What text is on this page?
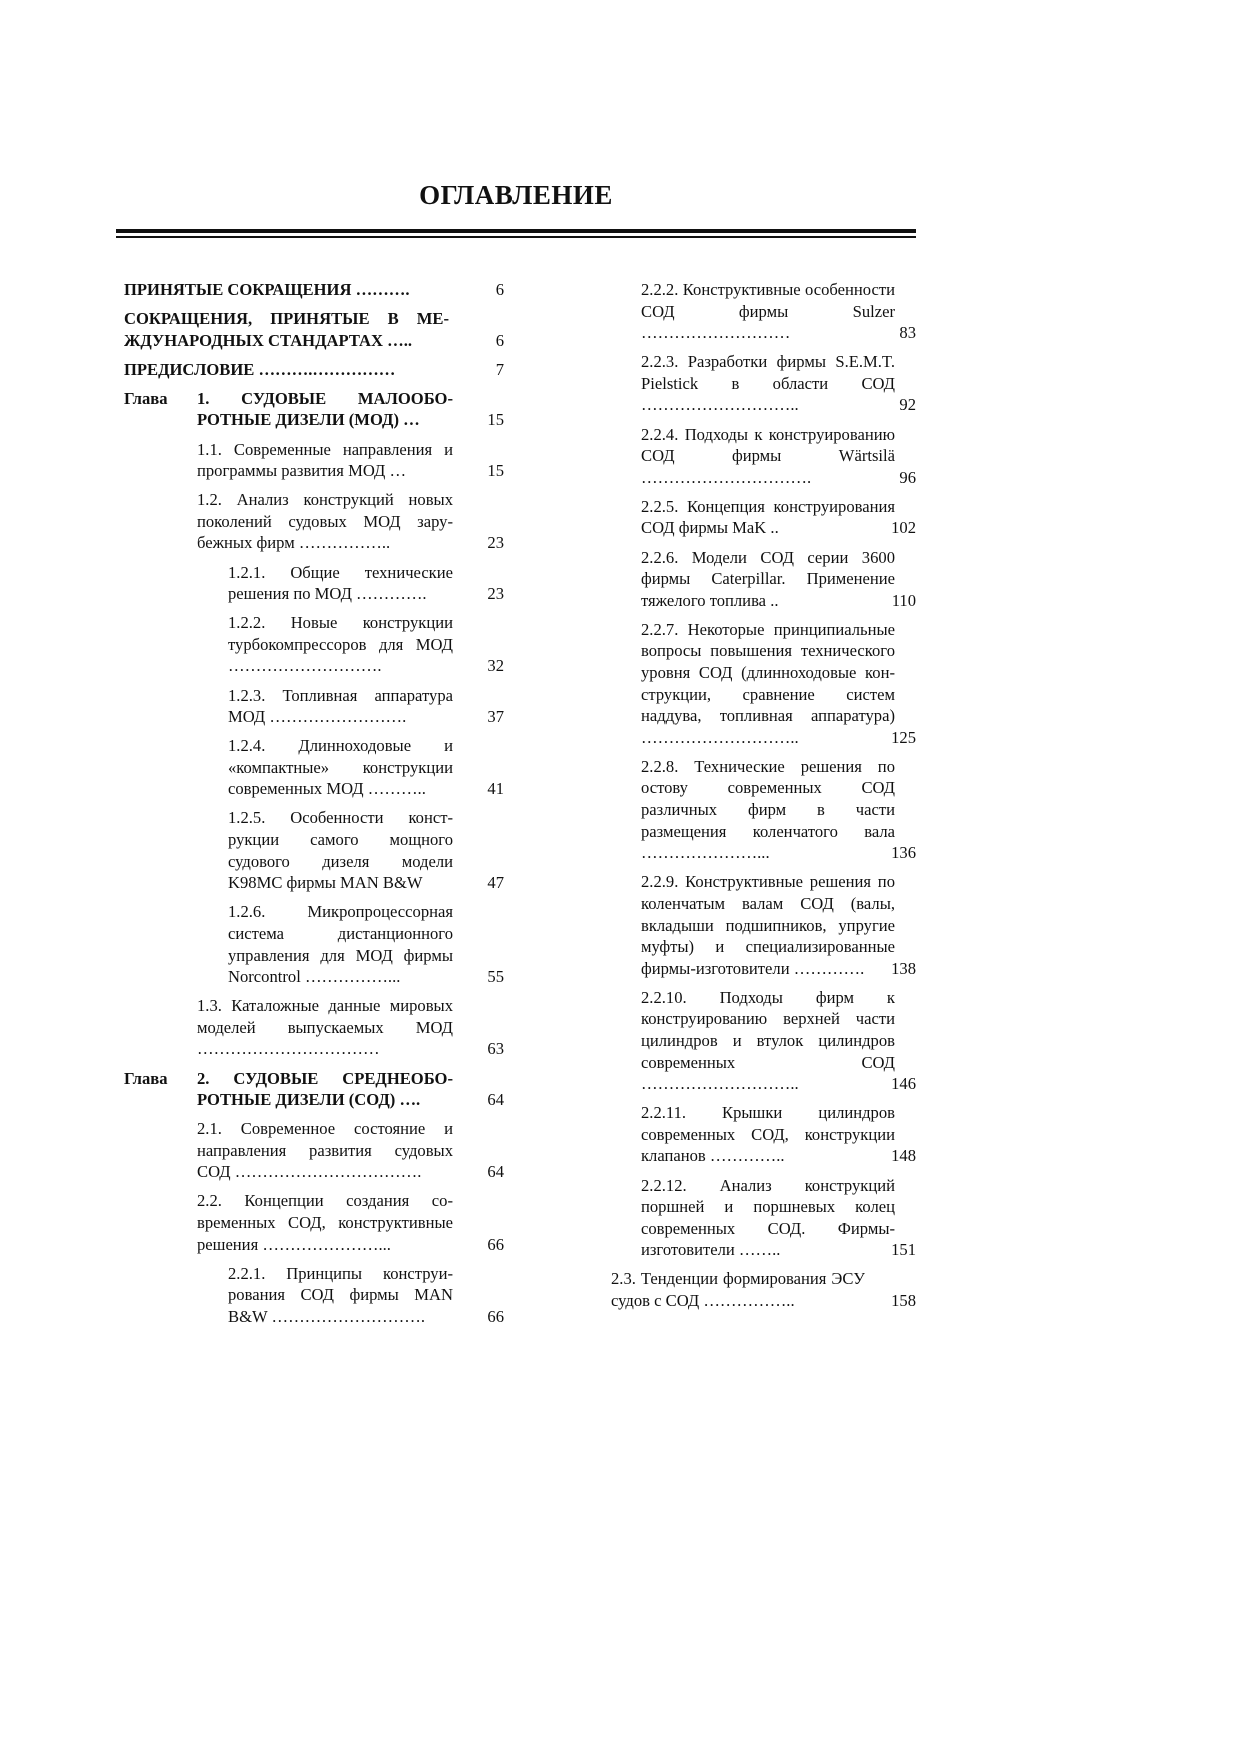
ОГЛАВЛЕНИЕ
ПРИНЯТЫЕ СОКРАЩЕНИЯ ……….	6
СОКРАЩЕНИЯ, ПРИНЯТЫЕ В МЕЖДУНАРОДНЫХ СТАНДАРТАХ …..	6
ПРЕДИСЛОВИЕ ……….……………	7
Глава 1. СУДОВЫЕ МАЛООБОРОТНЫЕ ДИЗЕЛИ (МОД) …	15
1.1. Современные направления и программы развития МОД …	15
1.2. Анализ конструкций новых поколений судовых МОД зарубежных фирм ……………..	23
1.2.1. Общие технические решения по МОД ………….	23
1.2.2. Новые конструкции турбокомпрессоров для МОД ……………………….	32
1.2.3. Топливная аппаратура МОД …………………….	37
1.2.4. Длинноходовые и «компактные» конструкции современных МОД ………..	41
1.2.5. Особенности конструкции самого мощного судового дизеля модели K98MC фирмы MAN B&W	47
1.2.6. Микропроцессорная система дистанционного управления для МОД фирмы Norcontrol ……………...	55
1.3. Каталожные данные мировых моделей выпускаемых МОД ……………………………	63
Глава 2. СУДОВЫЕ СРЕДНЕОБОРОТНЫЕ ДИЗЕЛИ (СОД) ….	64
2.1. Современное состояние и направления развития судовых СОД …………………………….	64
2.2. Концепции создания современных СОД, конструктивные решения …………………...	66
2.2.1. Принципы конструирования СОД фирмы MAN B&W ……………………….	66
2.2.2. Конструктивные особенности СОД фирмы Sulzer ………………………	83
2.2.3. Разработки фирмы S.E.M.T. Pielstick в области СОД ………………………..	92
2.2.4. Подходы к конструированию СОД фирмы Wärtsilä ………………………….	96
2.2.5. Концепция конструирования СОД фирмы MaK ..	102
2.2.6. Модели СОД серии 3600 фирмы Caterpillar. Применение тяжелого топлива ..	110
2.2.7. Некоторые принципиальные вопросы повышения технического уровня СОД (длинноходовые конструкции, сравнение систем наддува, топливная аппаратура) ………………………..	125
2.2.8. Технические решения по остову современных СОД различных фирм в части размещения коленчатого вала …………………...	136
2.2.9. Конструктивные решения по коленчатым валам СОД (валы, вкладыши подшипников, упругие муфты) и специализированные фирмы-изготовители ………….	138
2.2.10. Подходы фирм к конструированию верхней части цилиндров и втулок цилиндров современных СОД ………………………..	146
2.2.11. Крышки цилиндров современных СОД, конструкции клапанов …………..	148
2.2.12. Анализ конструкций поршней и поршневых колец современных СОД. Фирмы-изготовители ……..	151
2.3. Тенденции формирования ЭСУ судов с СОД ……………..	158
